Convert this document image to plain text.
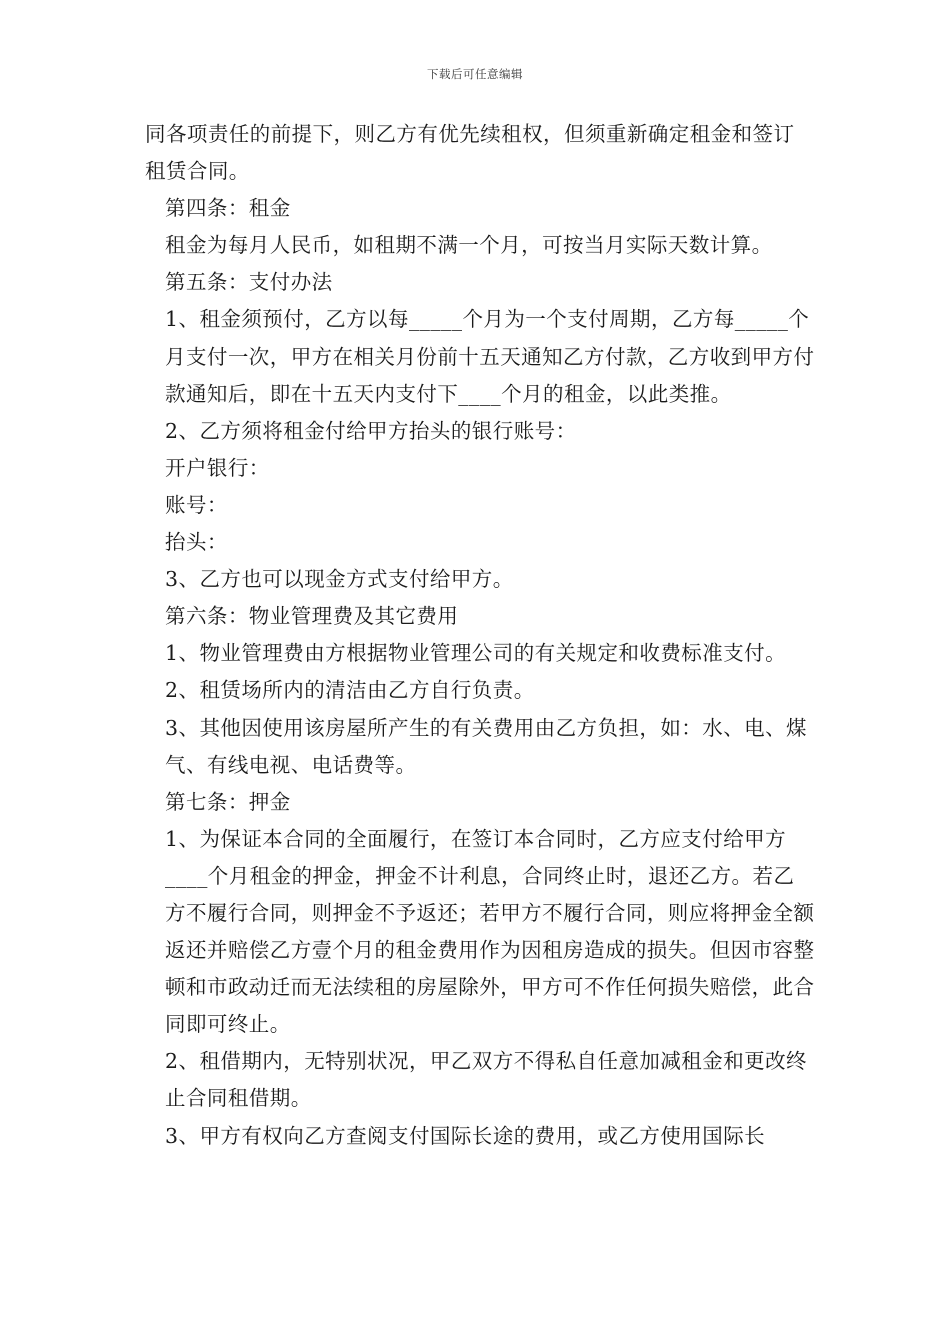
下载后可任意编辑

同各项责任的前提下，则乙方有优先续租权，但须重新确定租金和签订租赁合同。

第四条：租金

租金为每月人民币，如租期不满一个月，可按当月实际天数计算。

第五条：支付办法

1、租金须预付，乙方以每_____个月为一个支付周期，乙方每_____个月支付一次，甲方在相关月份前十五天通知乙方付款，乙方收到甲方付款通知后，即在十五天内支付下____个月的租金，以此类推。

2、乙方须将租金付给甲方抬头的银行账号：

开户银行：

账号：

抬头：

3、乙方也可以现金方式支付给甲方。

第六条：物业管理费及其它费用

1、物业管理费由方根据物业管理公司的有关规定和收费标准支付。

2、租赁场所内的清洁由乙方自行负责。

3、其他因使用该房屋所产生的有关费用由乙方负担，如：水、电、煤气、有线电视、电话费等。

第七条：押金

1、为保证本合同的全面履行，在签订本合同时，乙方应支付给甲方____个月租金的押金，押金不计利息，合同终止时，退还乙方。若乙方不履行合同，则押金不予返还；若甲方不履行合同，则应将押金全额返还并赔偿乙方壹个月的租金费用作为因租房造成的损失。但因市容整顿和市政动迁而无法续租的房屋除外，甲方可不作任何损失赔偿，此合同即可终止。

2、租借期内，无特别状况，甲乙双方不得私自任意加减租金和更改终止合同租借期。

3、甲方有权向乙方查阅支付国际长途的费用，或乙方使用国际长
